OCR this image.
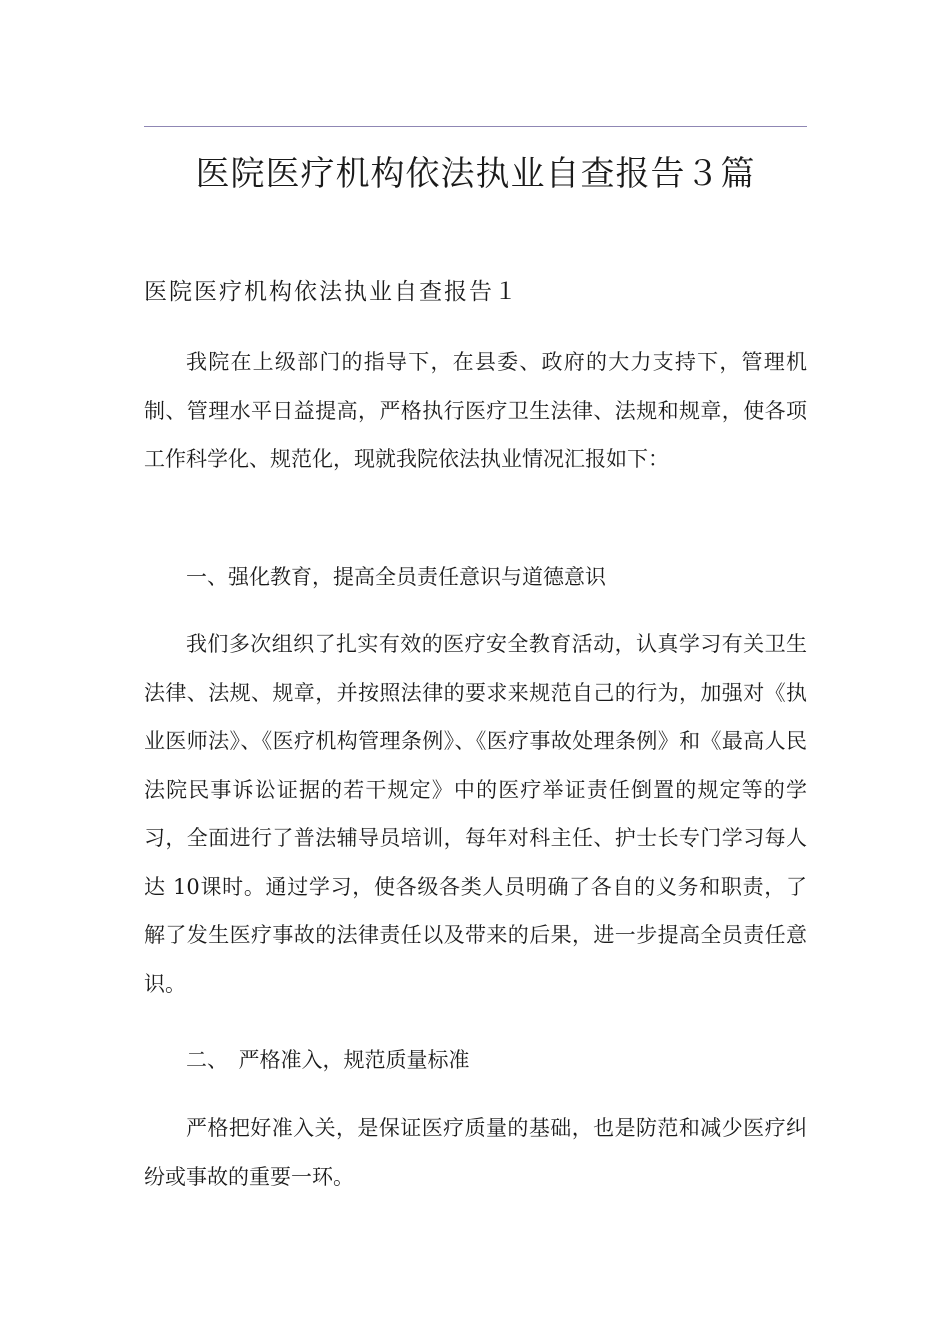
医院医疗机构依法执业自查报告３篇
医院医疗机构依法执业自查报告１

我院在上级部门的指导下，在县委、政府的大力支持下，管理机制、管理水平日益提高，严格执行医疗卫生法律、法规和规章，使各项工作科学化、规范化，现就我院依法执业情况汇报如下：

一、强化教育，提高全员责任意识与道德意识

我们多次组织了扎实有效的医疗安全教育活动，认真学习有关卫生法律、法规、规章，并按照法律的要求来规范自己的行为，加强对《执业医师法》、《医疗机构管理条例》、《医疗事故处理条例》和《最高人民法院民事诉讼证据的若干规定》中的医疗举证责任倒置的规定等的学习，全面进行了普法辅导员培训，每年对科主任、护士长专门学习每人达 10课时。通过学习，使各级各类人员明确了各自的义务和职责，了解了发生医疗事故的法律责任以及带来的后果，进一步提高全员责任意识。

二、　严格准入，规范质量标准

严格把好准入关，是保证医疗质量的基础，也是防范和减少医疗纠纷或事故的重要一环。
